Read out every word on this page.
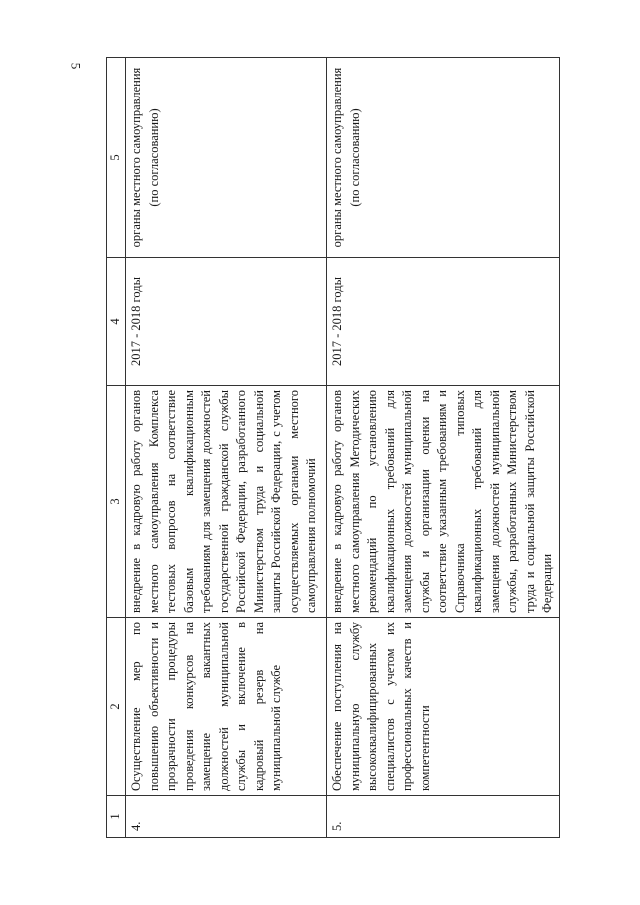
5
1	2	3	4	5
4.	Осуществление мер по повышению объективности и прозрачности процедуры проведения конкурсов на замещение вакантных должностей муниципальной службы и включение в кадровый резерв на муниципальной службе	внедрение в кадровую работу органов местного самоуправления Комплекса тестовых вопросов на соответствие базовым квалификационным требованиям для замещения должностей государственной гражданской службы Российской Федерации, разработанного Министерством труда и социальной защиты Российской Федерации, с учетом осуществляемых органами местного самоуправления полномочий	2017 - 2018 годы	органы местного самоуправления (по согласованию)
5.	Обеспечение поступления на муниципальную службу высококвалифицированных специалистов с учетом их профессиональных качеств и компетентности	внедрение в кадровую работу органов местного самоуправления Методических рекомендаций по установлению квалификационных требований для замещения должностей муниципальной службы и организации оценки на соответствие указанным требованиям и Справочника типовых квалификационных требований для замещения должностей муниципальной службы, разработанных Министерством труда и социальной защиты Российской Федерации	2017 - 2018 годы	органы местного самоуправления (по согласованию)
